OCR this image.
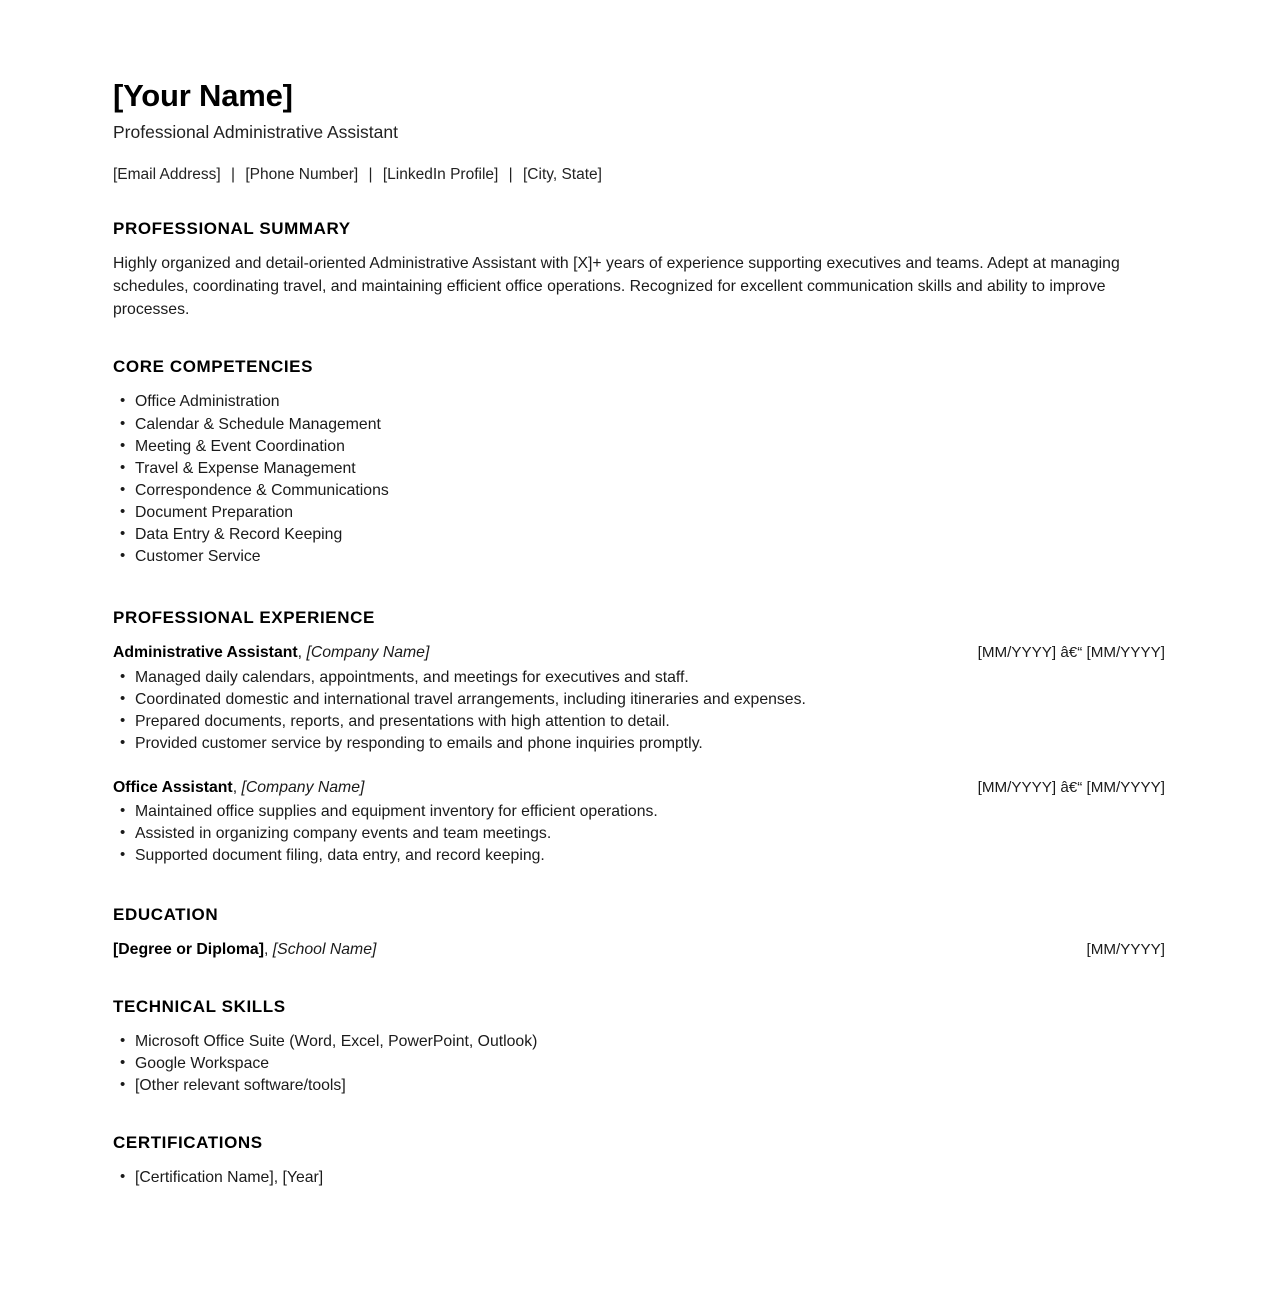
[Your Name]
Professional Administrative Assistant
[Email Address] | [Phone Number] | [LinkedIn Profile] | [City, State]
PROFESSIONAL SUMMARY

Highly organized and detail-oriented Administrative Assistant with [X]+ years of experience supporting executives and teams. Adept at managing schedules, coordinating travel, and maintaining efficient office operations. Recognized for excellent communication skills and ability to improve processes.

CORE COMPETENCIES
• Office Administration
• Calendar & Schedule Management
• Meeting & Event Coordination
• Travel & Expense Management
• Correspondence & Communications
• Document Preparation
• Data Entry & Record Keeping
• Customer Service
PROFESSIONAL EXPERIENCE
Administrative Assistant, [Company Name]	[MM/YYYY] â€“ [MM/YYYY]
• Managed daily calendars, appointments, and meetings for executives and staff.
• Coordinated domestic and international travel arrangements, including itineraries and expenses.
• Prepared documents, reports, and presentations with high attention to detail.
• Provided customer service by responding to emails and phone inquiries promptly.
Office Assistant, [Company Name]	[MM/YYYY] â€“ [MM/YYYY]
• Maintained office supplies and equipment inventory for efficient operations.
• Assisted in organizing company events and team meetings.
• Supported document filing, data entry, and record keeping.
EDUCATION
[Degree or Diploma], [School Name]	[MM/YYYY]
TECHNICAL SKILLS
• Microsoft Office Suite (Word, Excel, PowerPoint, Outlook)
• Google Workspace
• [Other relevant software/tools]
CERTIFICATIONS
• [Certification Name], [Year]
